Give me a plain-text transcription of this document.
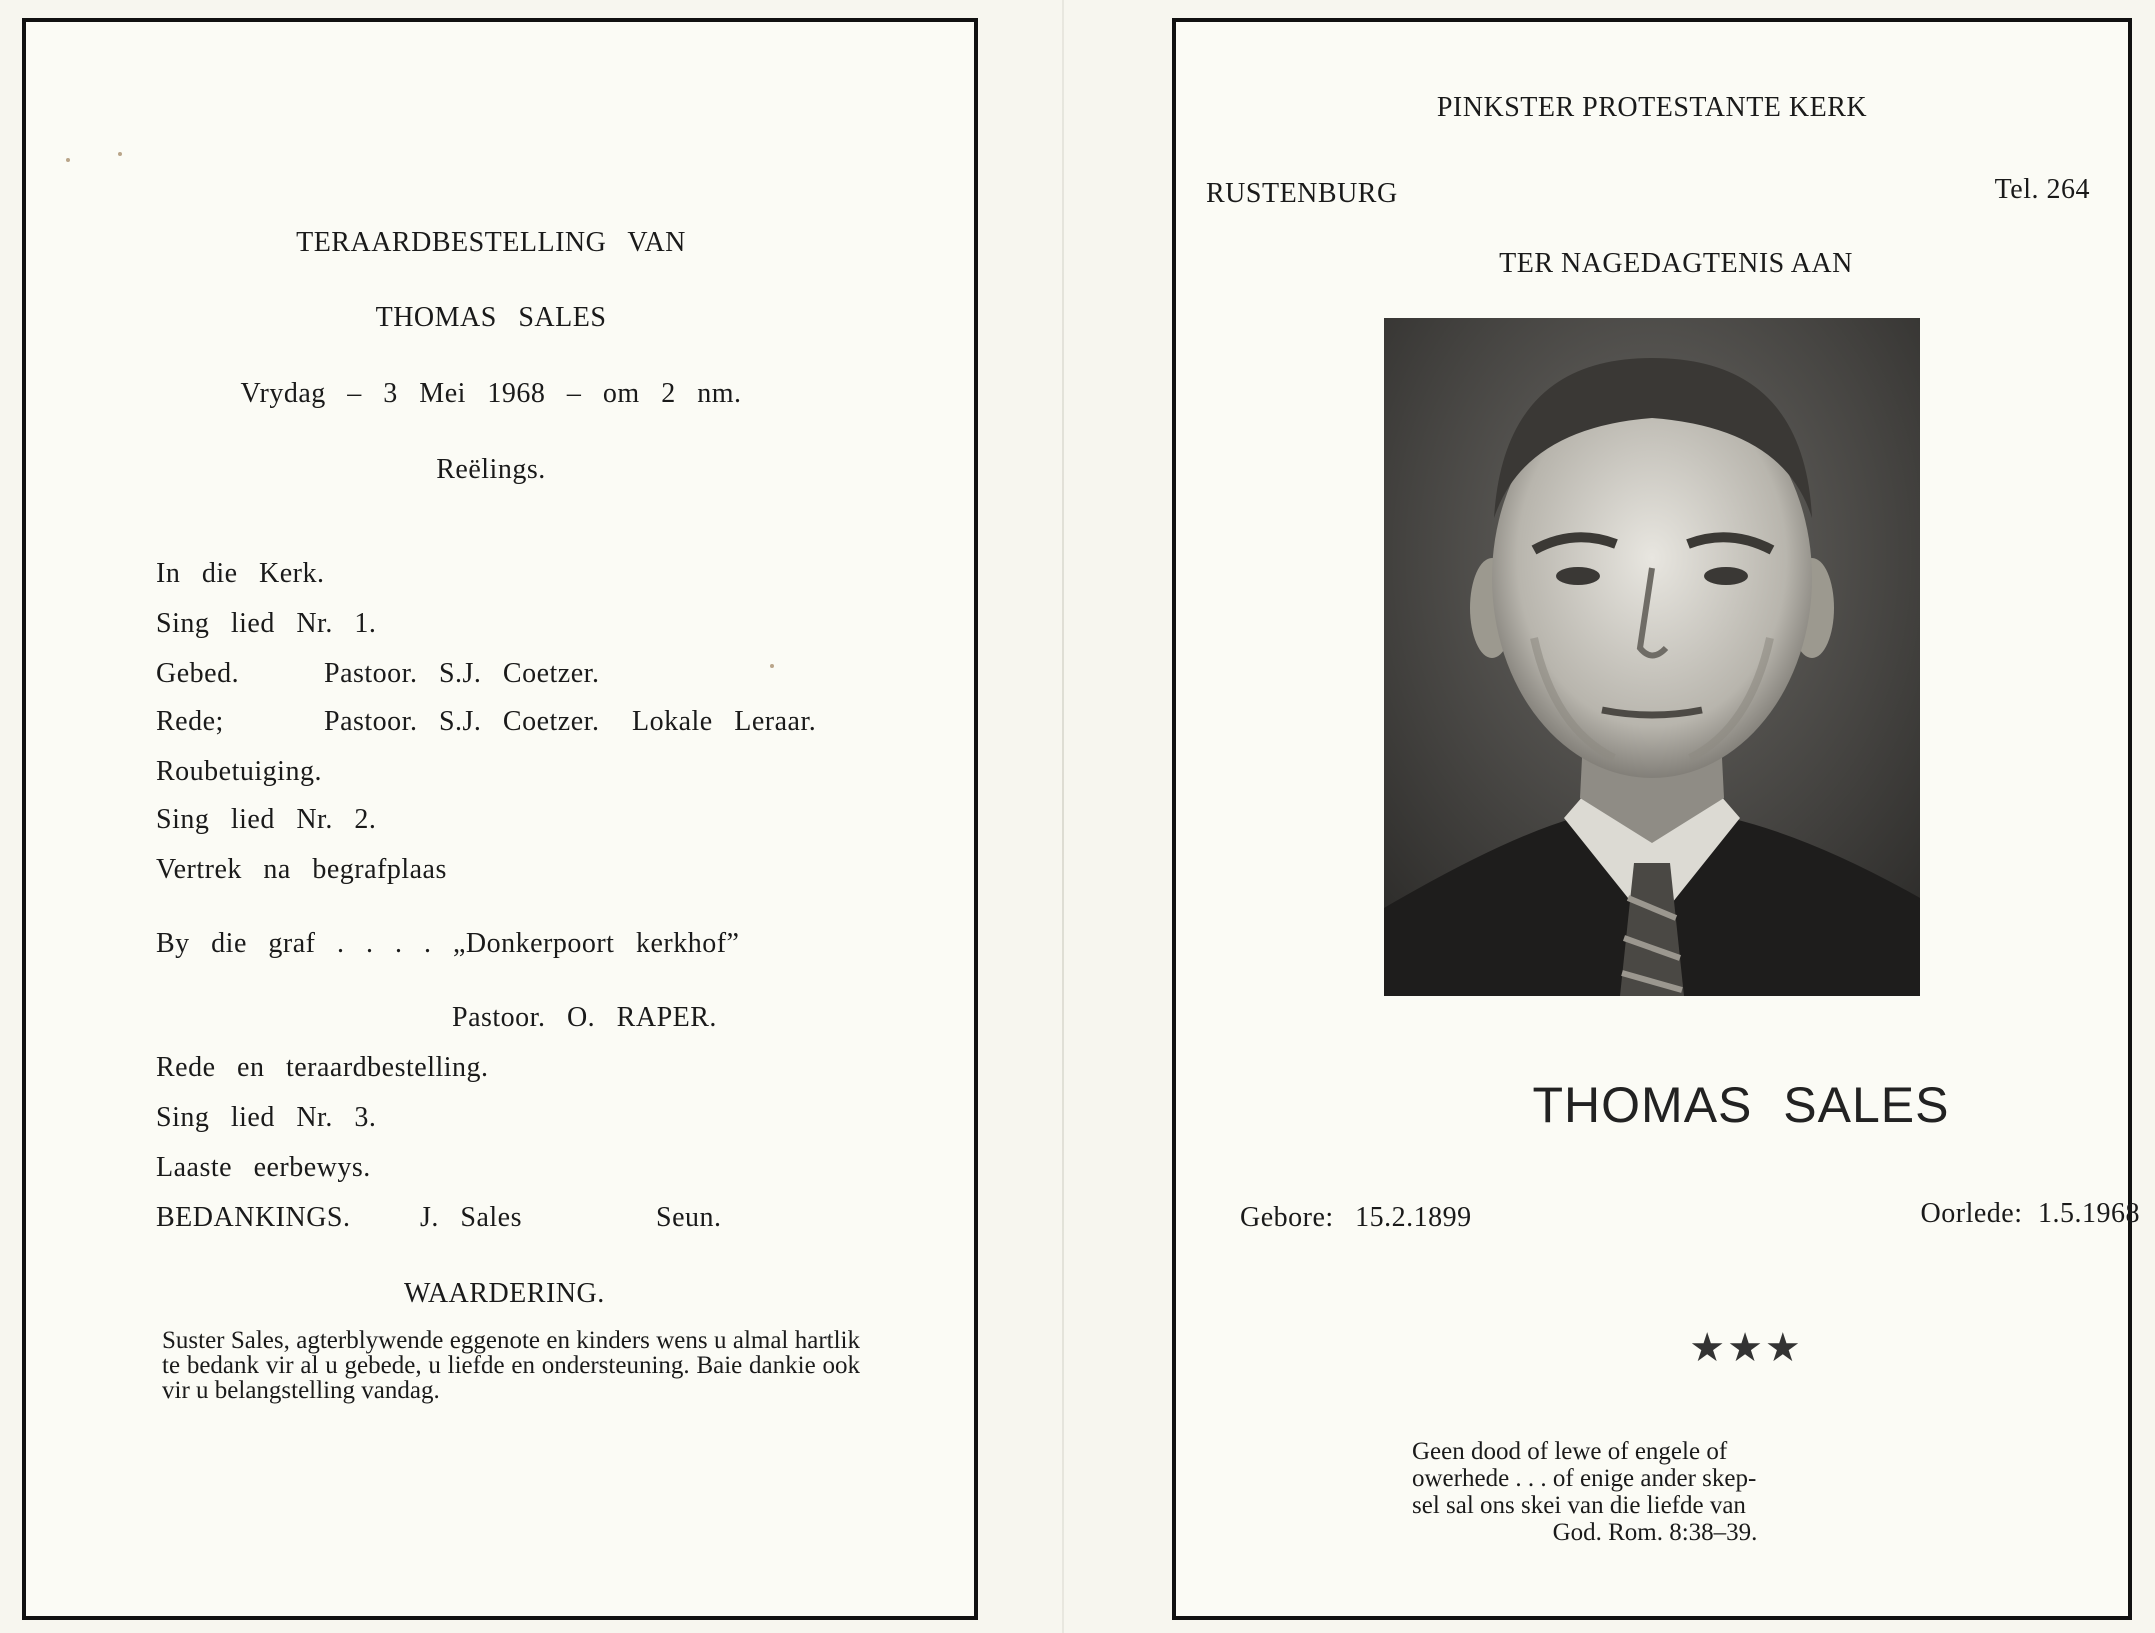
TERAARDBESTELLING VAN
THOMAS SALES
Vrydag – 3 Mei 1968 – om 2 nm.
Reëlings.
In die Kerk.
Sing lied Nr. 1.
Gebed.	Pastoor. S.J. Coetzer.
Rede;	Pastoor. S.J. Coetzer. Lokale Leraar.
Roubetuiging.
Sing lied Nr. 2.
Vertrek na begrafplaas
By die graf . . . . „Donkerpoort kerkhof”
Pastoor. O. RAPER.
Rede en teraardbestelling.
Sing lied Nr. 3.
Laaste eerbewys.
BEDANKINGS. J. Sales	Seun.
WAARDERING.
Suster Sales, agterblywende eggenote en kinders wens u almal hartlik te bedank vir al u gebede, u liefde en ondersteuning. Baie dankie ook vir u belangstelling vandag.
PINKSTER PROTESTANTE KERK
RUSTENBURG	Tel. 264
TER NAGEDAGTENIS AAN
THOMAS SALES
Gebore: 15.2.1899	Oorlede: 1.5.1968
★★★
Geen dood of lewe of engele of
owerhede . . . of enige ander skep-
sel sal ons skei van die liefde van
God. Rom. 8:38–39.
